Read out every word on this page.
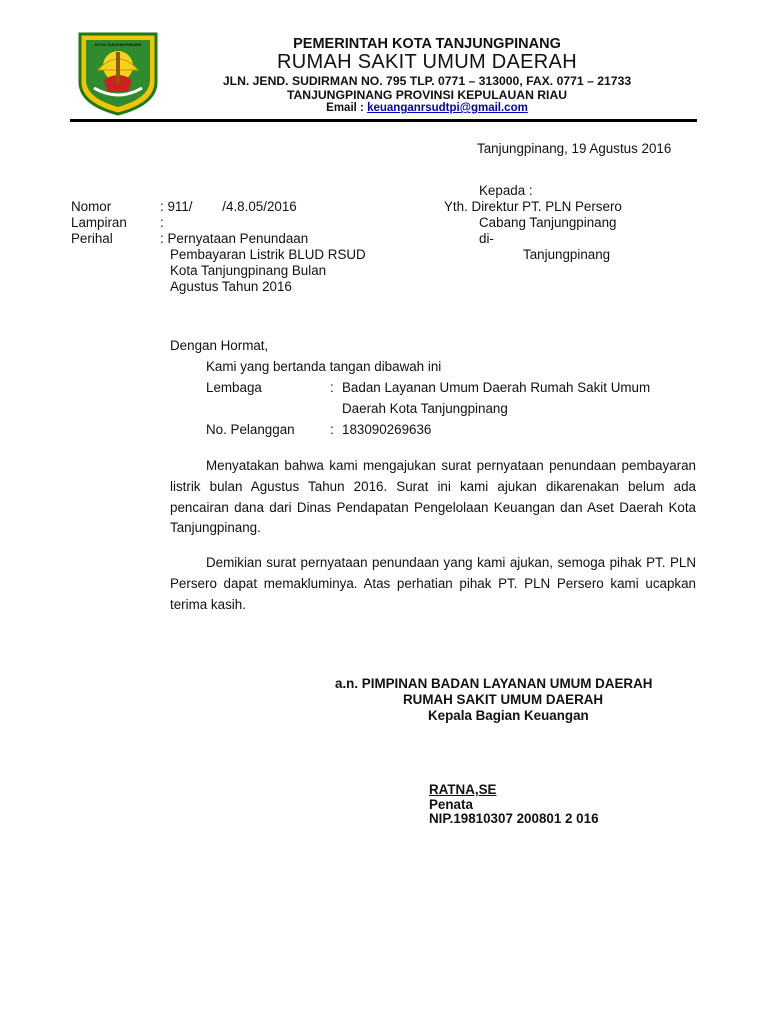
KOTA TANJUNGPINANG	PEMERINTAH KOTA TANJUNGPINANG
RUMAH SAKIT UMUM DAERAH
JLN. JEND. SUDIRMAN NO. 795 TLP. 0771 – 313000, FAX. 0771 – 21733
TANJUNGPINANG PROVINSI KEPULAUAN RIAU
Email : keuanganrsudtpi@gmail.com
Tanjungpinang, 19 Agustus 2016
Kepada :
Yth. Direktur PT. PLN Persero
Cabang Tanjungpinang
di-
Tanjungpinang
Nomor	: 911/        /4.8.05/2016
Lampiran :
Perihal	: Pernyataan Penundaan
Pembayaran Listrik BLUD RSUD
Kota Tanjungpinang Bulan
Agustus Tahun 2016
Dengan Hormat,
Kami yang bertanda tangan dibawah ini
Lembaga	: Badan Layanan Umum Daerah Rumah Sakit Umum
Daerah Kota Tanjungpinang
No. Pelanggan	: 183090269636

Menyatakan bahwa kami mengajukan surat pernyataan penundaan pembayaran listrik bulan Agustus Tahun 2016. Surat ini kami ajukan dikarenakan belum ada pencairan dana dari Dinas Pendapatan Pengelolaan Keuangan dan Aset Daerah Kota Tanjungpinang.

Demikian surat pernyataan penundaan yang kami ajukan, semoga pihak PT. PLN Persero dapat memakluminya. Atas perhatian pihak PT. PLN Persero kami ucapkan terima kasih.

a.n. PIMPINAN BADAN LAYANAN UMUM DAERAH
RUMAH SAKIT UMUM DAERAH
Kepala Bagian Keuangan
RATNA,SE
Penata
NIP.19810307 200801 2 016
